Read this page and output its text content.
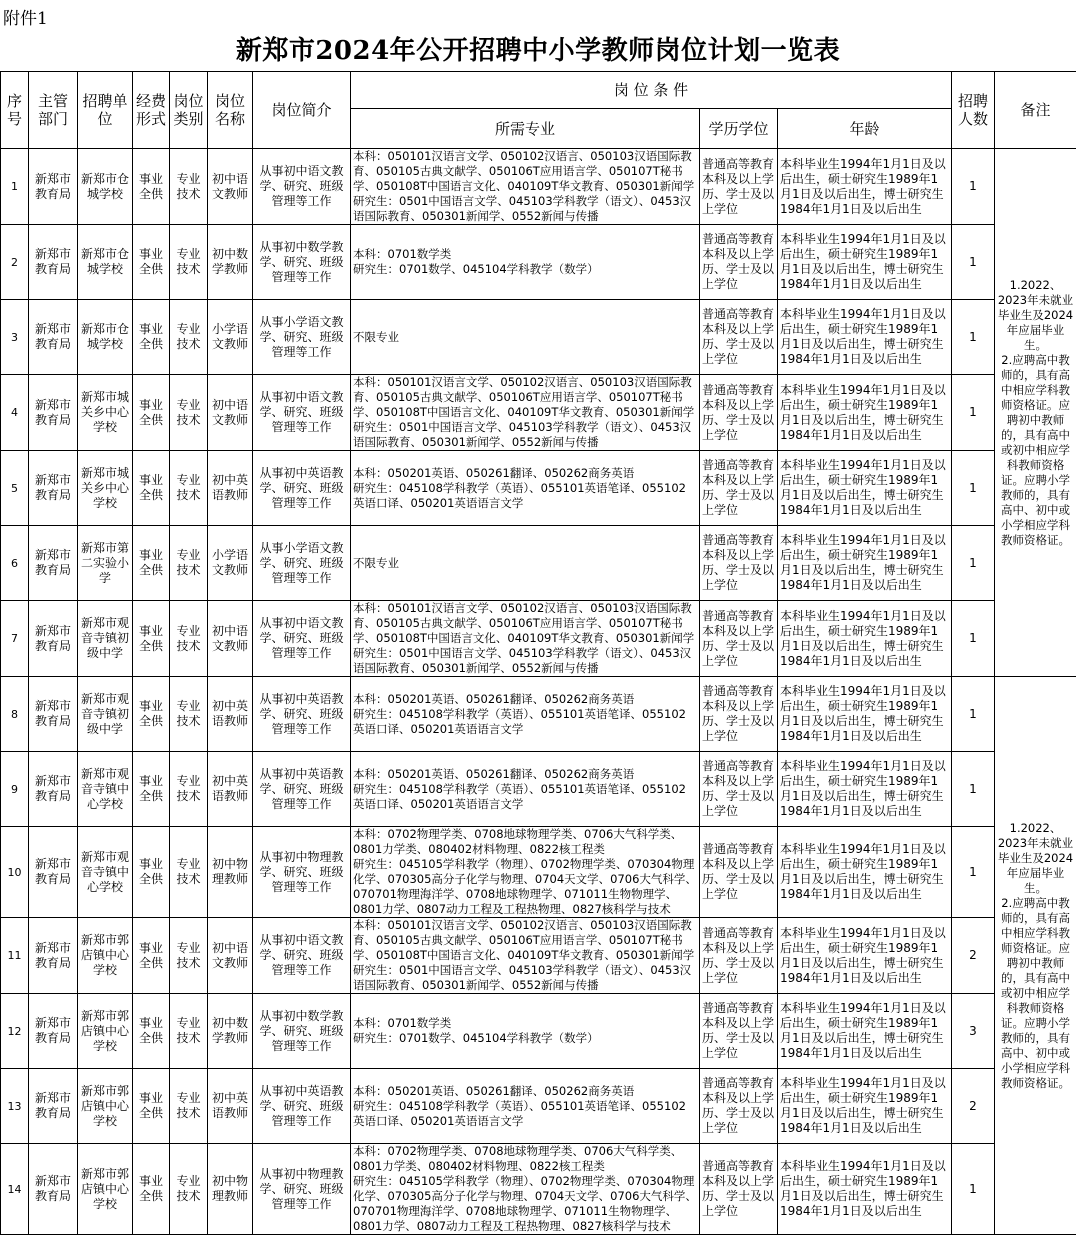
附件1
新郑市2024年公开招聘中小学教师岗位计划一览表
序号	主管部门	招聘单位	经费形式	岗位类别	岗位名称	岗位简介	岗 位 条 件			招聘人数	备注
							所需专业	学历学位	年龄		
1	新郑市教育局	新郑市仓城学校	事业全供	专业技术	初中语文教师	从事初中语文教学、研究、班级管理等工作	本科：050101汉语言文学、050102汉语言、050103汉语国际教育、050105古典文献学、050106T应用语言学、050107T秘书学、050108T中国语言文化、040109T华文教育、050301新闻学
研究生：0501中国语言文学、045103学科教学（语文）、0453汉语国际教育、050301新闻学、0552新闻与传播	普通高等教育本科及以上学历、学士及以上学位	本科毕业生1994年1月1日及以后出生，硕士研究生1989年1月1日及以后出生，博士研究生1984年1月1日及以后出生	1	1.2022、2023年未就业毕业生及2024年应届毕业生。
2.应聘高中教师的，具有高中相应学科教师资格证。应聘初中教师的，具有高中或初中相应学科教师资格证。应聘小学教师的，具有高中、初中或小学相应学科教师资格证。
2	新郑市教育局	新郑市仓城学校	事业全供	专业技术	初中数学教师	从事初中数学教学、研究、班级管理等工作	本科：0701数学类
研究生：0701数学、045104学科教学（数学）	普通高等教育本科及以上学历、学士及以上学位	本科毕业生1994年1月1日及以后出生，硕士研究生1989年1月1日及以后出生，博士研究生1984年1月1日及以后出生	1	
3	新郑市教育局	新郑市仓城学校	事业全供	专业技术	小学语文教师	从事小学语文教学、研究、班级管理等工作	不限专业	普通高等教育本科及以上学历、学士及以上学位	本科毕业生1994年1月1日及以后出生，硕士研究生1989年1月1日及以后出生，博士研究生1984年1月1日及以后出生	1	
4	新郑市教育局	新郑市城关乡中心学校	事业全供	专业技术	初中语文教师	从事初中语文教学、研究、班级管理等工作	本科：050101汉语言文学、050102汉语言、050103汉语国际教育、050105古典文献学、050106T应用语言学、050107T秘书学、050108T中国语言文化、040109T华文教育、050301新闻学
研究生：0501中国语言文学、045103学科教学（语文）、0453汉语国际教育、050301新闻学、0552新闻与传播	普通高等教育本科及以上学历、学士及以上学位	本科毕业生1994年1月1日及以后出生，硕士研究生1989年1月1日及以后出生，博士研究生1984年1月1日及以后出生	1	
5	新郑市教育局	新郑市城关乡中心学校	事业全供	专业技术	初中英语教师	从事初中英语教学、研究、班级管理等工作	本科：050201英语、050261翻译、050262商务英语
研究生：045108学科教学（英语）、055101英语笔译、055102英语口译、050201英语语言文学	普通高等教育本科及以上学历、学士及以上学位	本科毕业生1994年1月1日及以后出生，硕士研究生1989年1月1日及以后出生，博士研究生1984年1月1日及以后出生	1	
6	新郑市教育局	新郑市第二实验小学	事业全供	专业技术	小学语文教师	从事小学语文教学、研究、班级管理等工作	不限专业	普通高等教育本科及以上学历、学士及以上学位	本科毕业生1994年1月1日及以后出生，硕士研究生1989年1月1日及以后出生，博士研究生1984年1月1日及以后出生	1	
7	新郑市教育局	新郑市观音寺镇初级中学	事业全供	专业技术	初中语文教师	从事初中语文教学、研究、班级管理等工作	本科：050101汉语言文学、050102汉语言、050103汉语国际教育、050105古典文献学、050106T应用语言学、050107T秘书学、050108T中国语言文化、040109T华文教育、050301新闻学
研究生：0501中国语言文学、045103学科教学（语文）、0453汉语国际教育、050301新闻学、0552新闻与传播	普通高等教育本科及以上学历、学士及以上学位	本科毕业生1994年1月1日及以后出生，硕士研究生1989年1月1日及以后出生，博士研究生1984年1月1日及以后出生	1	
8	新郑市教育局	新郑市观音寺镇初级中学	事业全供	专业技术	初中英语教师	从事初中英语教学、研究、班级管理等工作	本科：050201英语、050261翻译、050262商务英语
研究生：045108学科教学（英语）、055101英语笔译、055102英语口译、050201英语语言文学	普通高等教育本科及以上学历、学士及以上学位	本科毕业生1994年1月1日及以后出生，硕士研究生1989年1月1日及以后出生，博士研究生1984年1月1日及以后出生	1	1.2022、2023年未就业毕业生及2024年应届毕业生。
2.应聘高中教师的，具有高中相应学科教师资格证。应聘初中教师的，具有高中或初中相应学科教师资格证。应聘小学教师的，具有高中、初中或小学相应学科教师资格证。
9	新郑市教育局	新郑市观音寺镇中心学校	事业全供	专业技术	初中英语教师	从事初中英语教学、研究、班级管理等工作	本科：050201英语、050261翻译、050262商务英语
研究生：045108学科教学（英语）、055101英语笔译、055102英语口译、050201英语语言文学	普通高等教育本科及以上学历、学士及以上学位	本科毕业生1994年1月1日及以后出生，硕士研究生1989年1月1日及以后出生，博士研究生1984年1月1日及以后出生	1	
10	新郑市教育局	新郑市观音寺镇中心学校	事业全供	专业技术	初中物理教师	从事初中物理教学、研究、班级管理等工作	本科：0702物理学类、0708地球物理学类、0706大气科学类、0801力学类、080402材料物理、0822核工程类
研究生：045105学科教学（物理）、0702物理学类、070304物理化学、070305高分子化学与物理、0704天文学、0706大气科学、070701物理海洋学、0708地球物理学、071011生物物理学、0801力学、0807动力工程及工程热物理、0827核科学与技术	普通高等教育本科及以上学历、学士及以上学位	本科毕业生1994年1月1日及以后出生，硕士研究生1989年1月1日及以后出生，博士研究生1984年1月1日及以后出生	1	
11	新郑市教育局	新郑市郭店镇中心学校	事业全供	专业技术	初中语文教师	从事初中语文教学、研究、班级管理等工作	本科：050101汉语言文学、050102汉语言、050103汉语国际教育、050105古典文献学、050106T应用语言学、050107T秘书学、050108T中国语言文化、040109T华文教育、050301新闻学
研究生：0501中国语言文学、045103学科教学（语文）、0453汉语国际教育、050301新闻学、0552新闻与传播	普通高等教育本科及以上学历、学士及以上学位	本科毕业生1994年1月1日及以后出生，硕士研究生1989年1月1日及以后出生，博士研究生1984年1月1日及以后出生	2	
12	新郑市教育局	新郑市郭店镇中心学校	事业全供	专业技术	初中数学教师	从事初中数学教学、研究、班级管理等工作	本科：0701数学类
研究生：0701数学、045104学科教学（数学）	普通高等教育本科及以上学历、学士及以上学位	本科毕业生1994年1月1日及以后出生，硕士研究生1989年1月1日及以后出生，博士研究生1984年1月1日及以后出生	3	
13	新郑市教育局	新郑市郭店镇中心学校	事业全供	专业技术	初中英语教师	从事初中英语教学、研究、班级管理等工作	本科：050201英语、050261翻译、050262商务英语
研究生：045108学科教学（英语）、055101英语笔译、055102英语口译、050201英语语言文学	普通高等教育本科及以上学历、学士及以上学位	本科毕业生1994年1月1日及以后出生，硕士研究生1989年1月1日及以后出生，博士研究生1984年1月1日及以后出生	2	
14	新郑市教育局	新郑市郭店镇中心学校	事业全供	专业技术	初中物理教师	从事初中物理教学、研究、班级管理等工作	本科：0702物理学类、0708地球物理学类、0706大气科学类、0801力学类、080402材料物理、0822核工程类
研究生：045105学科教学（物理）、0702物理学类、070304物理化学、070305高分子化学与物理、0704天文学、0706大气科学、070701物理海洋学、0708地球物理学、071011生物物理学、0801力学、0807动力工程及工程热物理、0827核科学与技术	普通高等教育本科及以上学历、学士及以上学位	本科毕业生1994年1月1日及以后出生，硕士研究生1989年1月1日及以后出生，博士研究生1984年1月1日及以后出生	1	
